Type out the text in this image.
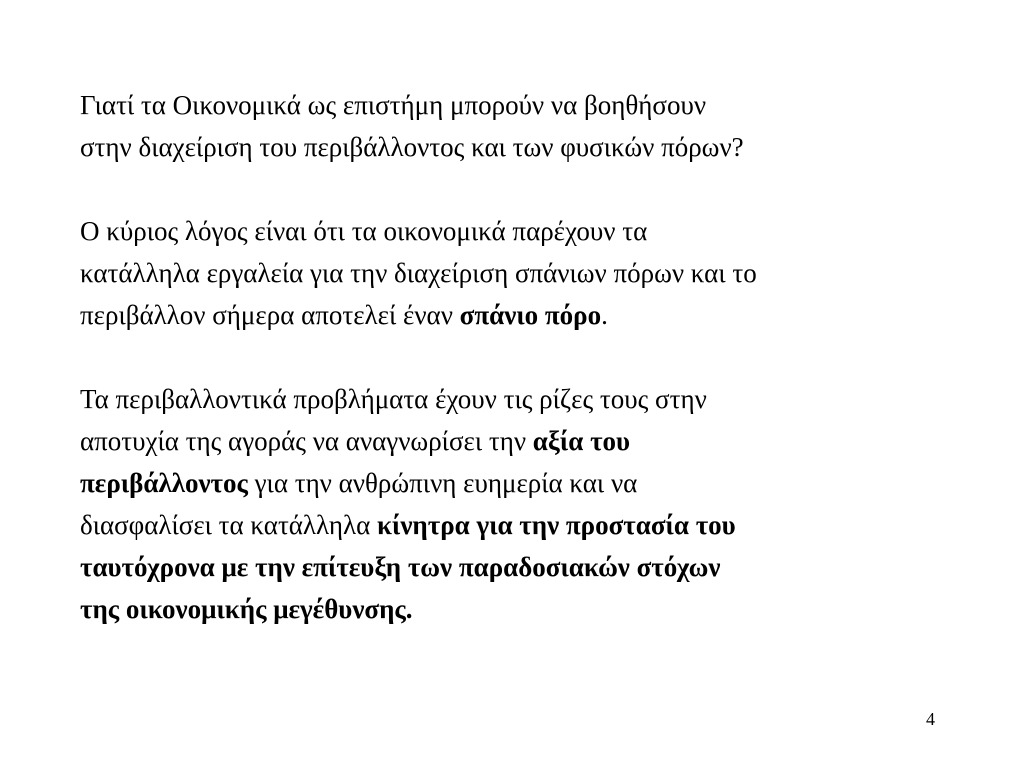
Γιατί τα Οικονομικά ως επιστήμη μπορούν να βοηθήσουν
στην διαχείριση του περιβάλλοντος και των φυσικών πόρων?

Ο κύριος λόγος είναι ότι τα οικονομικά παρέχουν τα
κατάλληλα εργαλεία για την διαχείριση σπάνιων πόρων και το
περιβάλλον σήμερα αποτελεί έναν σπάνιο πόρο.

Τα περιβαλλοντικά προβλήματα έχουν τις ρίζες τους στην
αποτυχία της αγοράς να αναγνωρίσει την αξία του
περιβάλλοντος για την ανθρώπινη ευημερία και να
διασφαλίσει τα κατάλληλα κίνητρα για την προστασία του
ταυτόχρονα με την επίτευξη των παραδοσιακών στόχων
της οικονομικής μεγέθυνσης.

4
